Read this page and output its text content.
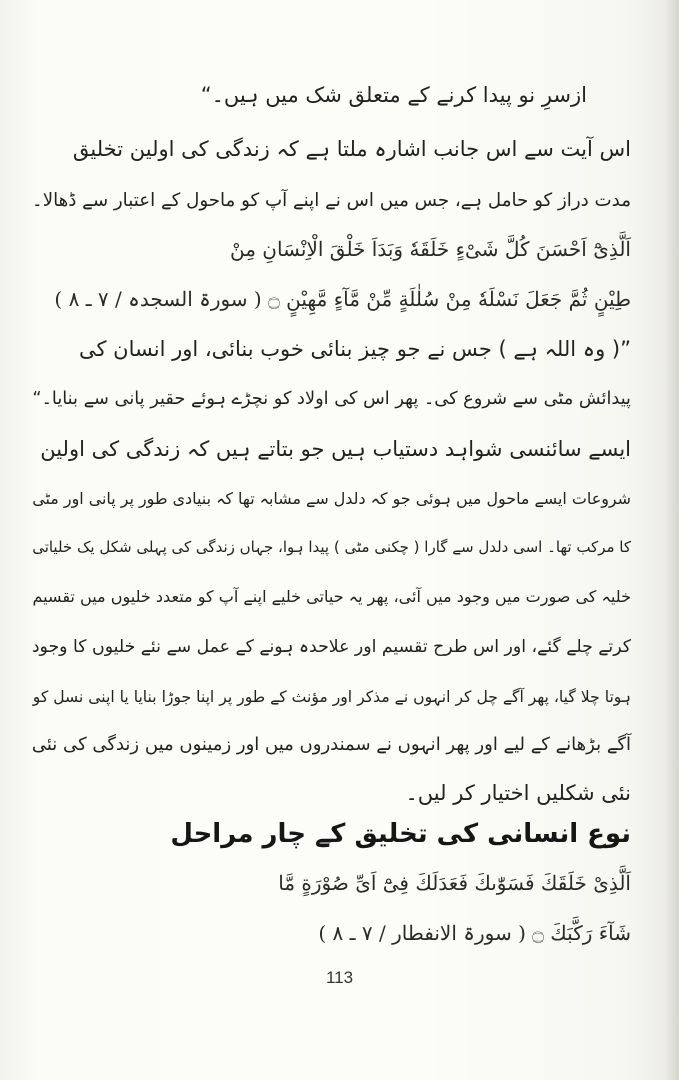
ازسرِ نو پیدا کرنے کے متعلق شک میں ہیں۔“
اس آیت سے اس جانب اشارہ ملتا ہے کہ زندگی کی اولین تخلیق
مدت دراز کو حامل ہے، جس میں اس نے اپنے آپ کو ماحول کے اعتبار سے ڈھالا۔
اَلَّذِیْٓ اَحْسَنَ كُلَّ شَیْءٍ خَلَقَهٗ وَبَدَاَ خَلْقَ الْاِنْسَانِ مِنْ
طِیْنٍ ثُمَّ جَعَلَ نَسْلَهٗ مِنْ سُلٰلَةٍ مِّنْ مَّآءٍ مَّهِیْنٍ ۝ ( سورۃ السجدہ / ۷ ـ ۸ )
”( وہ اللہ ہے ) جس نے جو چیز بنائی خوب بنائی، اور انسان کی
پیدائش مٹی سے شروع کی۔ پھر اس کی اولاد کو نچڑے ہوئے حقیر پانی سے بنایا۔“
ایسے سائنسی شواہد دستیاب ہیں جو بتاتے ہیں کہ زندگی کی اولین
شروعات ایسے ماحول میں ہوئی جو کہ دلدل سے مشابہ تھا کہ بنیادی طور پر پانی اور مٹی
کا مرکب تھا۔ اسی دلدل سے گارا ( چکنی مٹی ) پیدا ہوا، جہاں زندگی کی پہلی شکل یک خلیاتی
خلیہ کی صورت میں وجود میں آئی، پھر یہ حیاتی خلیے اپنے آپ کو متعدد خلیوں میں تقسیم
کرتے چلے گئے، اور اس طرح تقسیم اور علاحدہ ہونے کے عمل سے نئے خلیوں کا وجود
ہوتا چلا گیا، پھر آگے چل کر انہوں نے مذکر اور مؤنث کے طور پر اپنا جوڑا بنایا یا اپنی نسل کو
آگے بڑھانے کے لیے اور پھر انہوں نے سمندروں میں اور زمینوں میں زندگی کی نئی
نئی شکلیں اختیار کر لیں۔
نوع انسانی کی تخلیق کے چار مراحل
اَلَّذِیْ خَلَقَكَ فَسَوّٰىكَ فَعَدَلَكَ فِیْٓ اَیِّ صُوْرَةٍ مَّا
شَآءَ رَكَّبَكَ ۝ ( سورۃ الانفطار / ۷ ـ ۸ )
113
